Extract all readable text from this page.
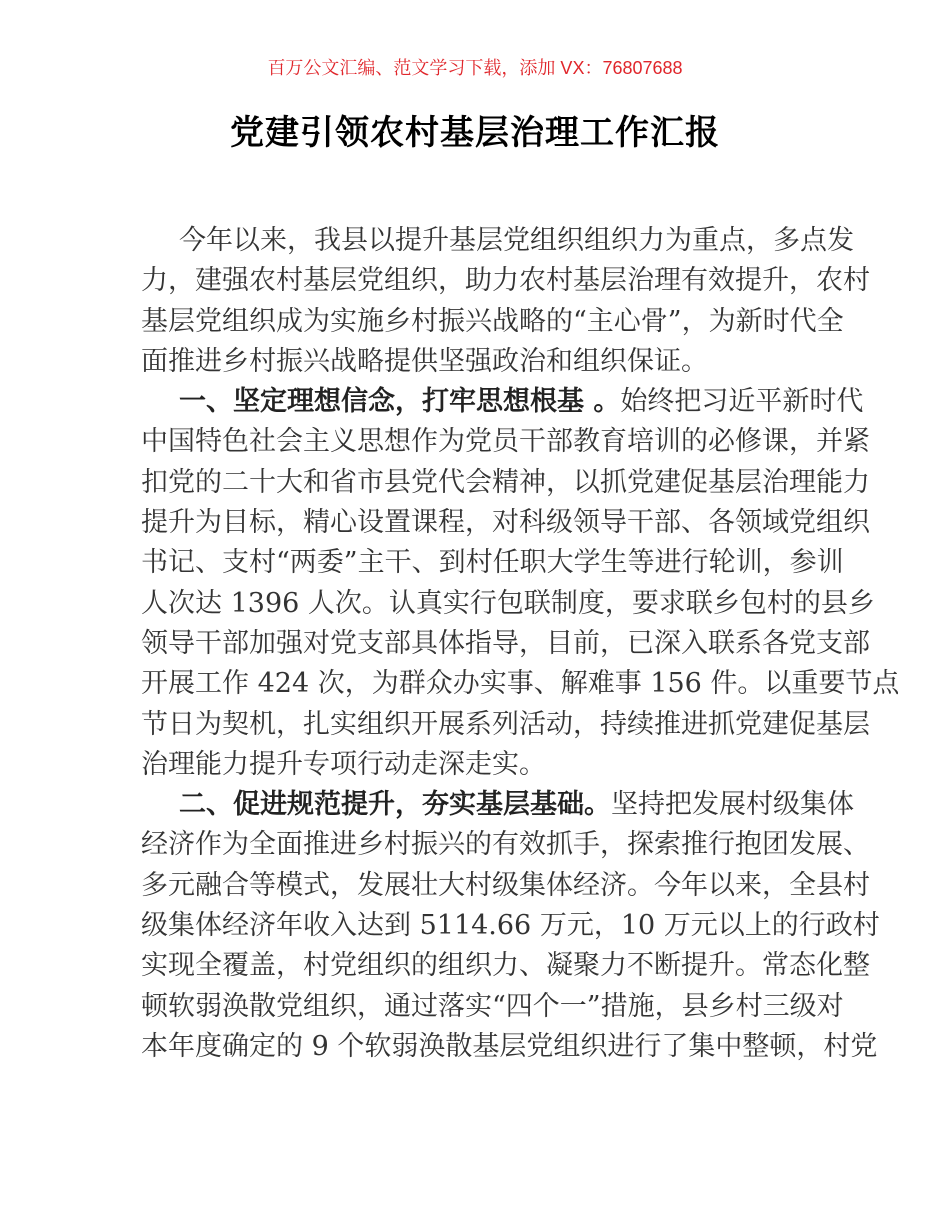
百万公文汇编、范文学习下载，添加 VX：76807688
党建引领农村基层治理工作汇报
今年以来，我县以提升基层党组织组织力为重点，多点发
力，建强农村基层党组织，助力农村基层治理有效提升，农村
基层党组织成为实施乡村振兴战略的“主心骨”，为新时代全
面推进乡村振兴战略提供坚强政治和组织保证。
一、坚定理想信念，打牢思想根基 。始终把习近平新时代
中国特色社会主义思想作为党员干部教育培训的必修课，并紧
扣党的二十大和省市县党代会精神，以抓党建促基层治理能力
提升为目标，精心设置课程，对科级领导干部、各领域党组织
书记、支村“两委”主干、到村任职大学生等进行轮训，参训
人次达 1396 人次。认真实行包联制度，要求联乡包村的县乡
领导干部加强对党支部具体指导，目前，已深入联系各党支部
开展工作 424 次，为群众办实事、解难事 156 件。以重要节点
节日为契机，扎实组织开展系列活动，持续推进抓党建促基层
治理能力提升专项行动走深走实。
二、促进规范提升，夯实基层基础。坚持把发展村级集体
经济作为全面推进乡村振兴的有效抓手，探索推行抱团发展、
多元融合等模式，发展壮大村级集体经济。今年以来，全县村
级集体经济年收入达到 5114.66 万元，10 万元以上的行政村
实现全覆盖，村党组织的组织力、凝聚力不断提升。常态化整
顿软弱涣散党组织，通过落实“四个一”措施，县乡村三级对
本年度确定的 9 个软弱涣散基层党组织进行了集中整顿，村党
